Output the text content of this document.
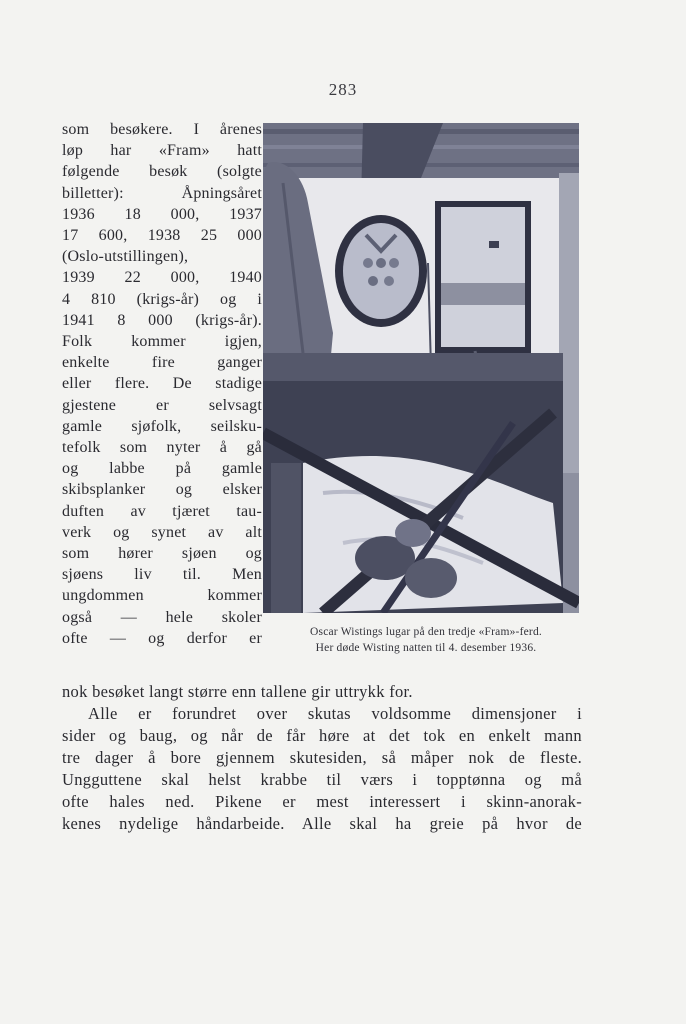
283
som besøkere. I årenes
løp har «Fram» hatt
følgende besøk (solgte
billetter): Åpningsåret
1936 18 000, 1937
17 600, 1938 25 000
(Oslo-utstillingen),
1939 22 000, 1940
4 810 (krigs-år) og i
1941 8 000 (krigs-år).
Folk kommer igjen,
enkelte fire ganger
eller flere. De stadige
gjestene er selvsagt
gamle sjøfolk, seilsku-
tefolk som nyter å gå
og labbe på gamle
skibsplanker og elsker
duften av tjæret tau-
verk og synet av alt
som hører sjøen og
sjøens liv til. Men
ungdommen kommer
også — hele skoler
ofte — og derfor er	Oscar Wistings lugar på den tredje «Fram»-ferd.
Her døde Wisting natten til 4. desember 1936.
nok besøket langt større enn tallene gir uttrykk for.
Alle er forundret over skutas voldsomme dimensjoner i
sider og baug, og når de får høre at det tok en enkelt mann
tre dager å bore gjennem skutesiden, så måper nok de fleste.
Ungguttene skal helst krabbe til værs i topptønna og må
ofte hales ned. Pikene er mest interessert i skinn-anorak-
kenes nydelige håndarbeide. Alle skal ha greie på hvor de
